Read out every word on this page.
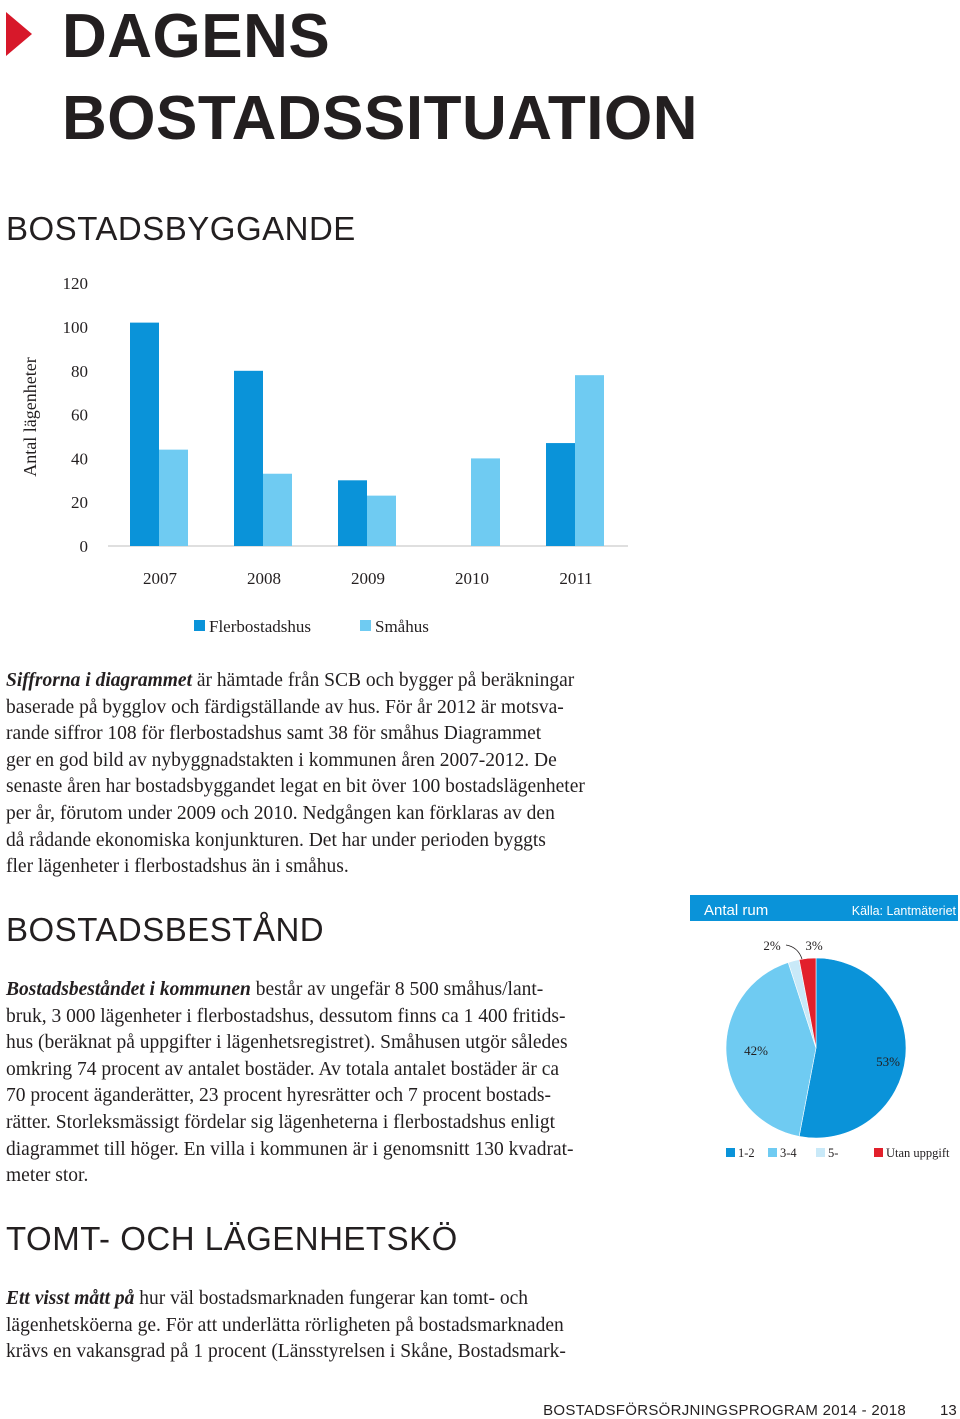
DAGENS
BOSTADSSITUATION
BOSTADSBYGGANDE
Antal lägenheter
0
20
40
60
80
100
120
2007	2008	2009	2010	2011
Flerbostadshus	Småhus
Siffrorna i diagrammet är hämtade från SCB och bygger på beräkningar
baserade på bygglov och färdigställande av hus. För år 2012 är motsva-
rande siffror 108 för flerbostadshus samt 38 för småhus Diagrammet
ger en god bild av nybyggnadstakten i kommunen åren 2007-2012. De
senaste åren har bostadsbyggandet legat en bit över 100 bostadslägenheter
per år, förutom under 2009 och 2010. Nedgången kan förklaras av den
då rådande ekonomiska konjunkturen. Det har under perioden byggts
fler lägenheter i flerbostadshus än i småhus.
BOSTADSBESTÅND
Bostadsbeståndet i kommunen består av ungefär 8 500 småhus/lant-
bruk, 3 000 lägenheter i flerbostadshus, dessutom finns ca 1 400 fritids-
hus (beräknat på uppgifter i lägenhetsregistret). Småhusen utgör således
omkring 74 procent av antalet bostäder. Av totala antalet bostäder är ca
70 procent äganderätter, 23 procent hyresrätter och 7 procent bostads-
rätter. Storleksmässigt fördelar sig lägenheterna i flerbostadshus enligt
diagrammet till höger. En villa i kommunen är i genomsnitt 130 kvadrat-
meter stor.
Antal rum	Källa: Lantmäteriet
53%
42%
2% 3%
1-2 3-4	5-	Utan uppgift
TOMT- OCH LÄGENHETSKÖ
Ett visst mått på hur väl bostadsmarknaden fungerar kan tomt- och
lägenhetsköerna ge. För att underlätta rörligheten på bostadsmarknaden
krävs en vakansgrad på 1 procent (Länsstyrelsen i Skåne, Bostadsmark-
BOSTADSFÖRSÖRJNINGSPROGRAM 2014 - 2018 13
